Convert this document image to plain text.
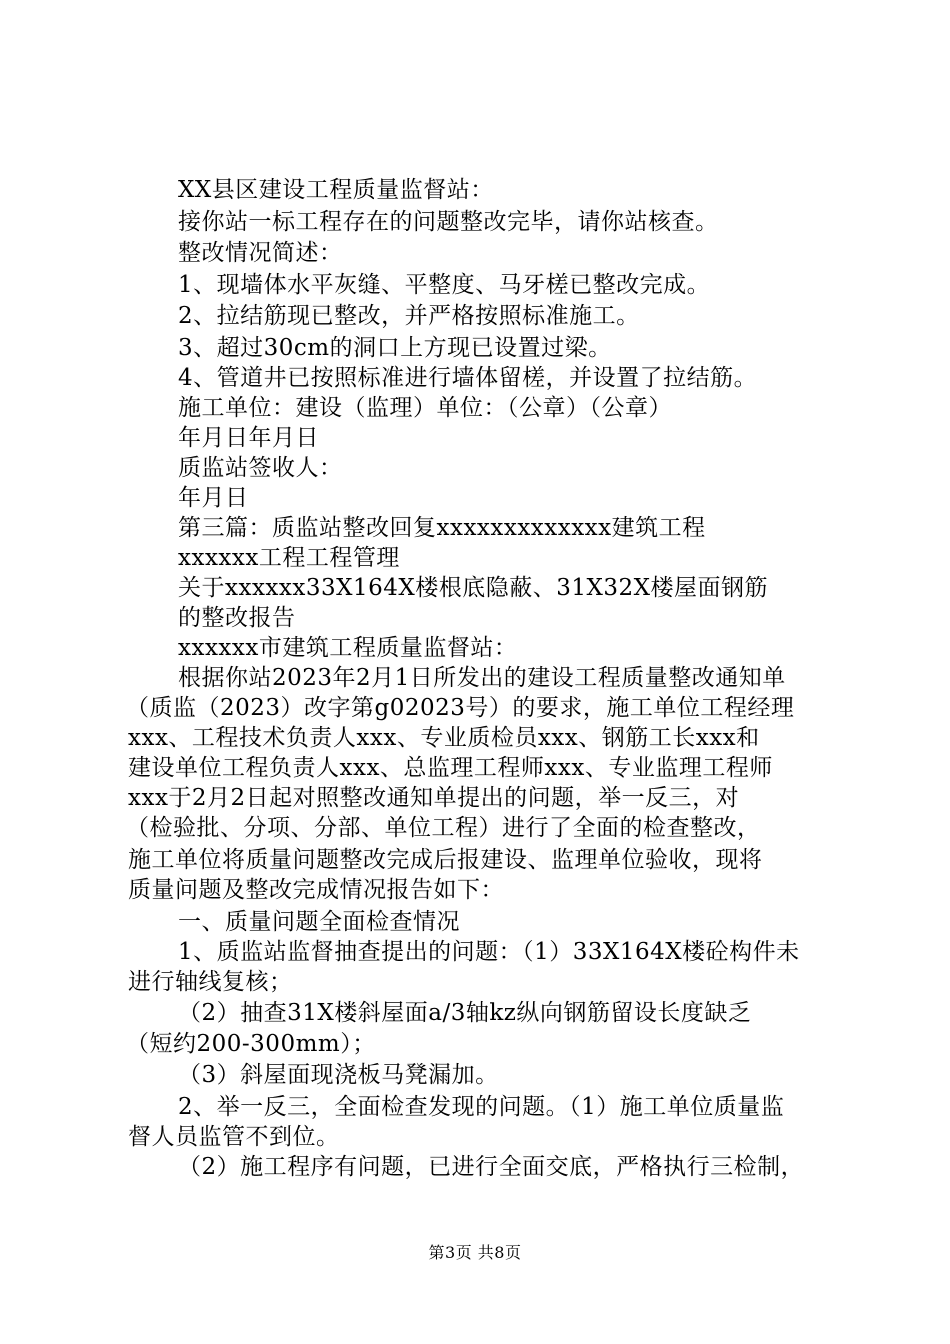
XX县区建设工程质量监督站：
接你站一标工程存在的问题整改完毕，请你站核查。
整改情况简述：
1、现墙体水平灰缝、平整度、马牙槎已整改完成。
2、拉结筋现已整改，并严格按照标准施工。
3、超过30cm的洞口上方现已设置过梁。
4、管道井已按照标准进行墙体留槎，并设置了拉结筋。
施工单位：建设（监理）单位：（公章）（公章）
年月日年月日
质监站签收人：
年月日
第三篇：质监站整改回复xxxxxxxxxxxxx建筑工程
xxxxxx工程工程管理
关于xxxxxx33X164X楼根底隐蔽、31X32X楼屋面钢筋
的整改报告
xxxxxx市建筑工程质量监督站：
根据你站2023年2月1日所发出的建设工程质量整改通知单
（质监（2023）改字第g02023号）的要求，施工单位工程经理
xxx、工程技术负责人xxx、专业质检员xxx、钢筋工长xxx和
建设单位工程负责人xxx、总监理工程师xxx、专业监理工程师
xxx于2月2日起对照整改通知单提出的问题，举一反三，对
（检验批、分项、分部、单位工程）进行了全面的检查整改，
施工单位将质量问题整改完成后报建设、监理单位验收，现将
质量问题及整改完成情况报告如下：
一、质量问题全面检查情况
1、质监站监督抽查提出的问题：（1）33X164X楼砼构件未
进行轴线复核；
（2）抽查31X楼斜屋面a/3轴kz纵向钢筋留设长度缺乏
（短约200-300mm）；
（3）斜屋面现浇板马凳漏加。
2、举一反三，全面检查发现的问题。（1）施工单位质量监
督人员监管不到位。
（2）施工程序有问题，已进行全面交底，严格执行三检制，
第3页 共8页
